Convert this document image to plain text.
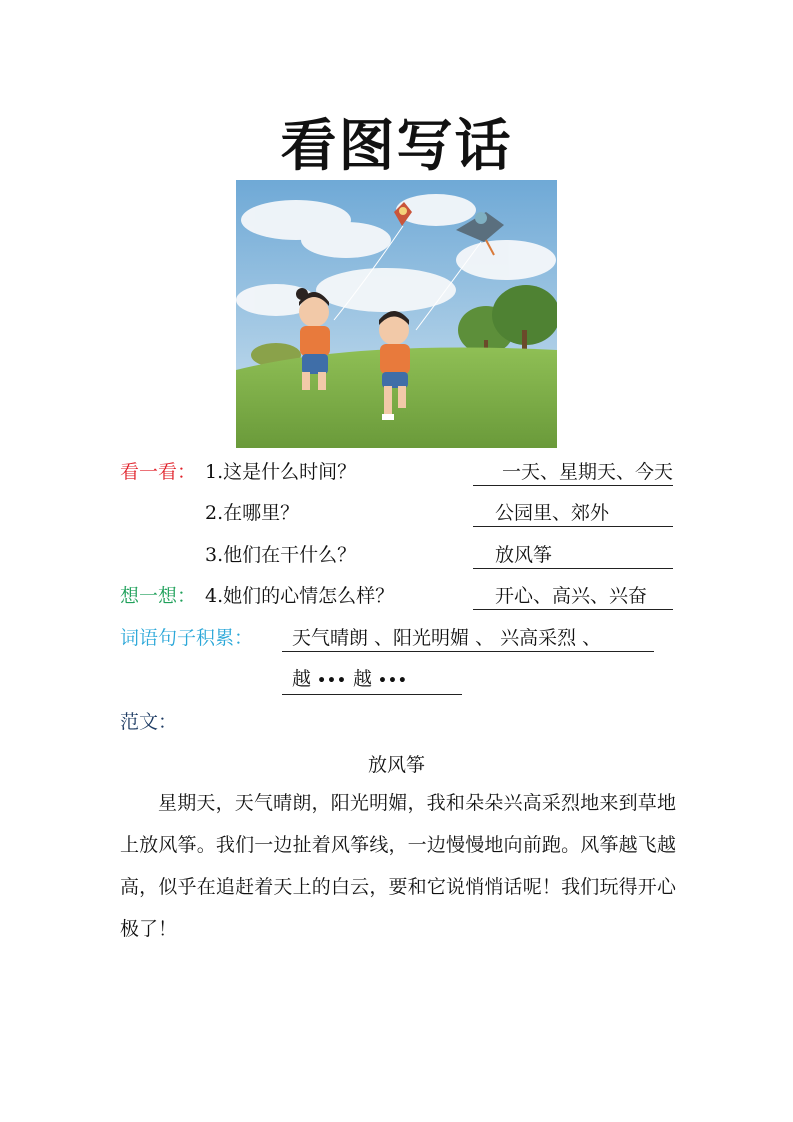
看图写话
看一看： 1.这是什么时间？	一天、星期天、今天
2.在哪里？	公园里、郊外
3.他们在干什么？	放风筝
想一想： 4.她们的心情怎么样？	开心、高兴、兴奋
词语句子积累：	天气晴朗 、阳光明媚 、 兴高采烈 、
越 ••• 越 •••
范文：
放风筝
星期天，天气晴朗，阳光明媚，我和朵朵兴高采烈地来到草地上放风筝。我们一边扯着风筝线，一边慢慢地向前跑。风筝越飞越高，似乎在追赶着天上的白云，要和它说悄悄话呢！我们玩得开心极了！
